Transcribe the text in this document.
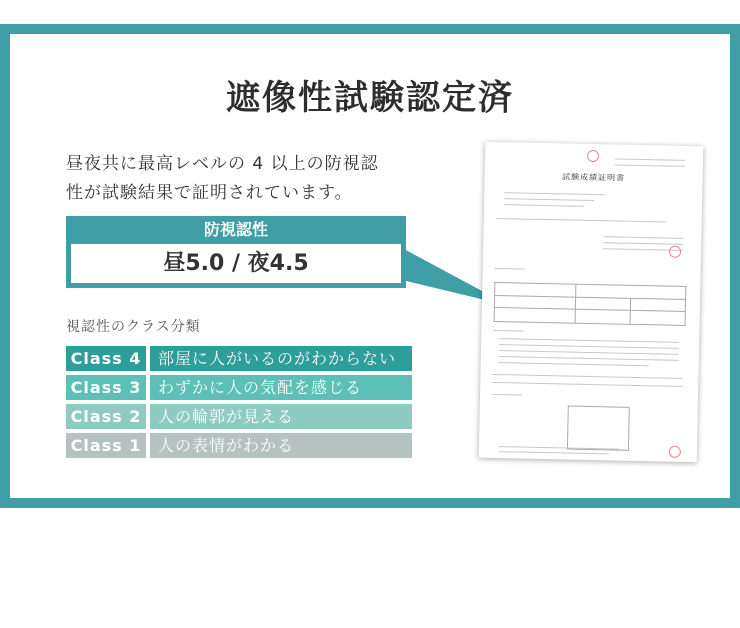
遮像性試験認定済
昼夜共に最高レベルの 4 以上の防視認
性が試験結果で証明されています。
防視認性
昼5.0 / 夜4.5
視認性のクラス分類
Class 4	部屋に人がいるのがわからない
Class 3	わずかに人の気配を感じる
Class 2	人の輪郭が見える
Class 1	人の表情がわかる
試験成績証明書
